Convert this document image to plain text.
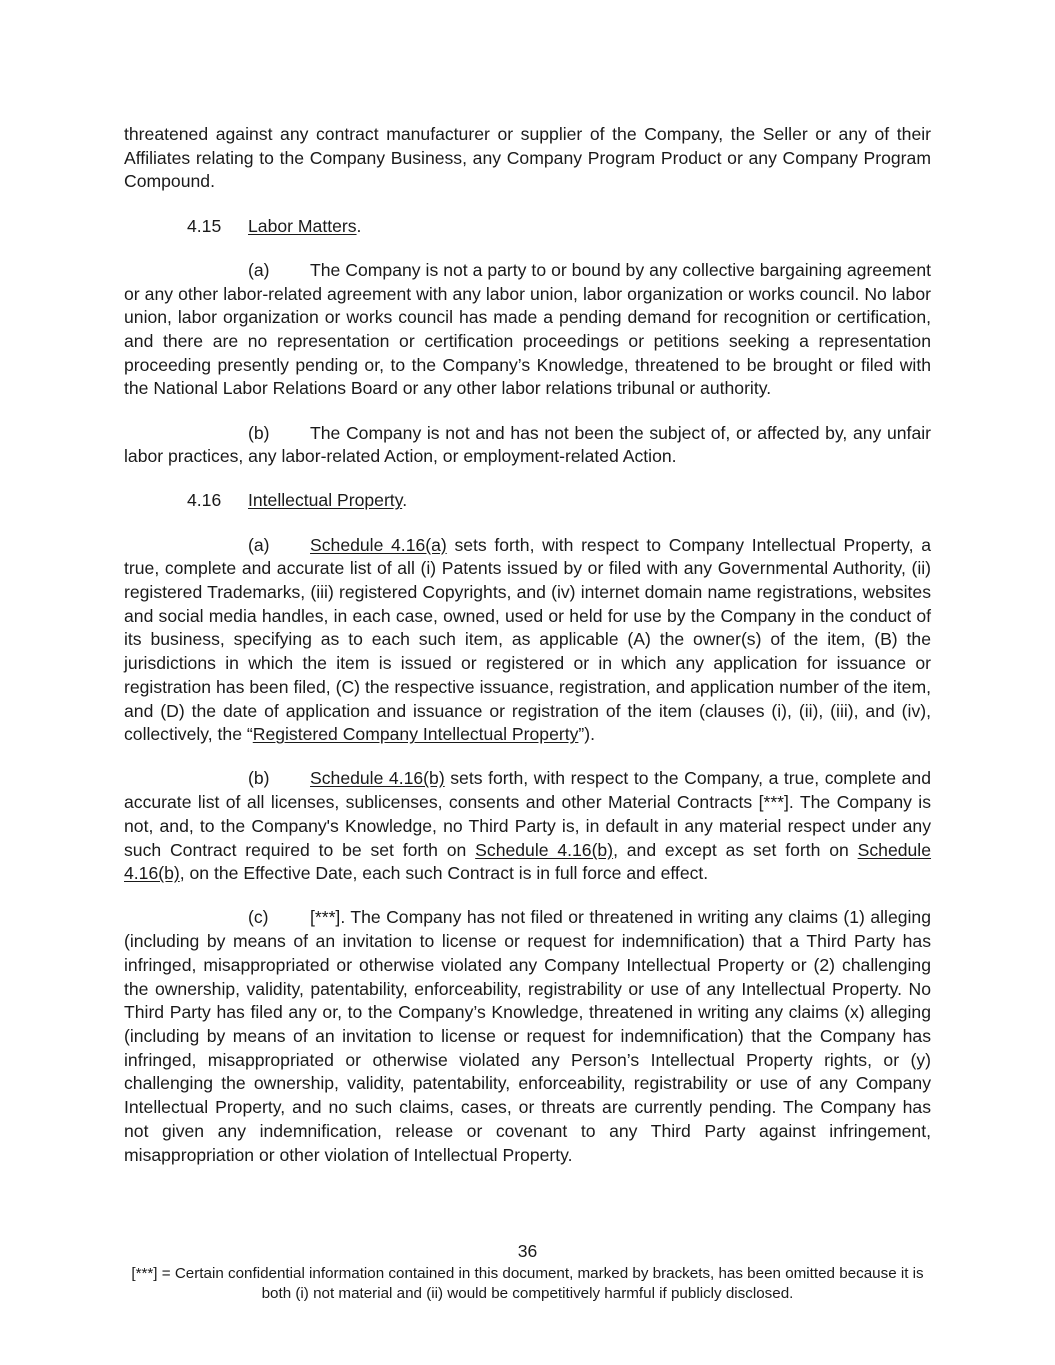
threatened against any contract manufacturer or supplier of the Company, the Seller or any of their Affiliates relating to the Company Business, any Company Program Product or any Company Program Compound.

4.15 Labor Matters.

(a) The Company is not a party to or bound by any collective bargaining agreement or any other labor-related agreement with any labor union, labor organization or works council. No labor union, labor organization or works council has made a pending demand for recognition or certification, and there are no representation or certification proceedings or petitions seeking a representation proceeding presently pending or, to the Company’s Knowledge, threatened to be brought or filed with the National Labor Relations Board or any other labor relations tribunal or authority.

(b) The Company is not and has not been the subject of, or affected by, any unfair labor practices, any labor-related Action, or employment-related Action.

4.16 Intellectual Property.

(a) Schedule 4.16(a) sets forth, with respect to Company Intellectual Property, a true, complete and accurate list of all (i) Patents issued by or filed with any Governmental Authority, (ii) registered Trademarks, (iii) registered Copyrights, and (iv) internet domain name registrations, websites and social media handles, in each case, owned, used or held for use by the Company in the conduct of its business, specifying as to each such item, as applicable (A) the owner(s) of the item, (B) the jurisdictions in which the item is issued or registered or in which any application for issuance or registration has been filed, (C) the respective issuance, registration, and application number of the item, and (D) the date of application and issuance or registration of the item (clauses (i), (ii), (iii), and (iv), collectively, the “Registered Company Intellectual Property”).

(b) Schedule 4.16(b) sets forth, with respect to the Company, a true, complete and accurate list of all licenses, sublicenses, consents and other Material Contracts [***]. The Company is not, and, to the Company's Knowledge, no Third Party is, in default in any material respect under any such Contract required to be set forth on Schedule 4.16(b), and except as set forth on Schedule 4.16(b), on the Effective Date, each such Contract is in full force and effect.

(c) [***]. The Company has not filed or threatened in writing any claims (1) alleging (including by means of an invitation to license or request for indemnification) that a Third Party has infringed, misappropriated or otherwise violated any Company Intellectual Property or (2) challenging the ownership, validity, patentability, enforceability, registrability or use of any Intellectual Property. No Third Party has filed any or, to the Company’s Knowledge, threatened in writing any claims (x) alleging (including by means of an invitation to license or request for indemnification) that the Company has infringed, misappropriated or otherwise violated any Person’s Intellectual Property rights, or (y) challenging the ownership, validity, patentability, enforceability, registrability or use of any Company Intellectual Property, and no such claims, cases, or threats are currently pending. The Company has not given any indemnification, release or covenant to any Third Party against infringement, misappropriation or other violation of Intellectual Property.

36
[***] = Certain confidential information contained in this document, marked by brackets, has been omitted because it is both (i) not material and (ii) would be competitively harmful if publicly disclosed.
